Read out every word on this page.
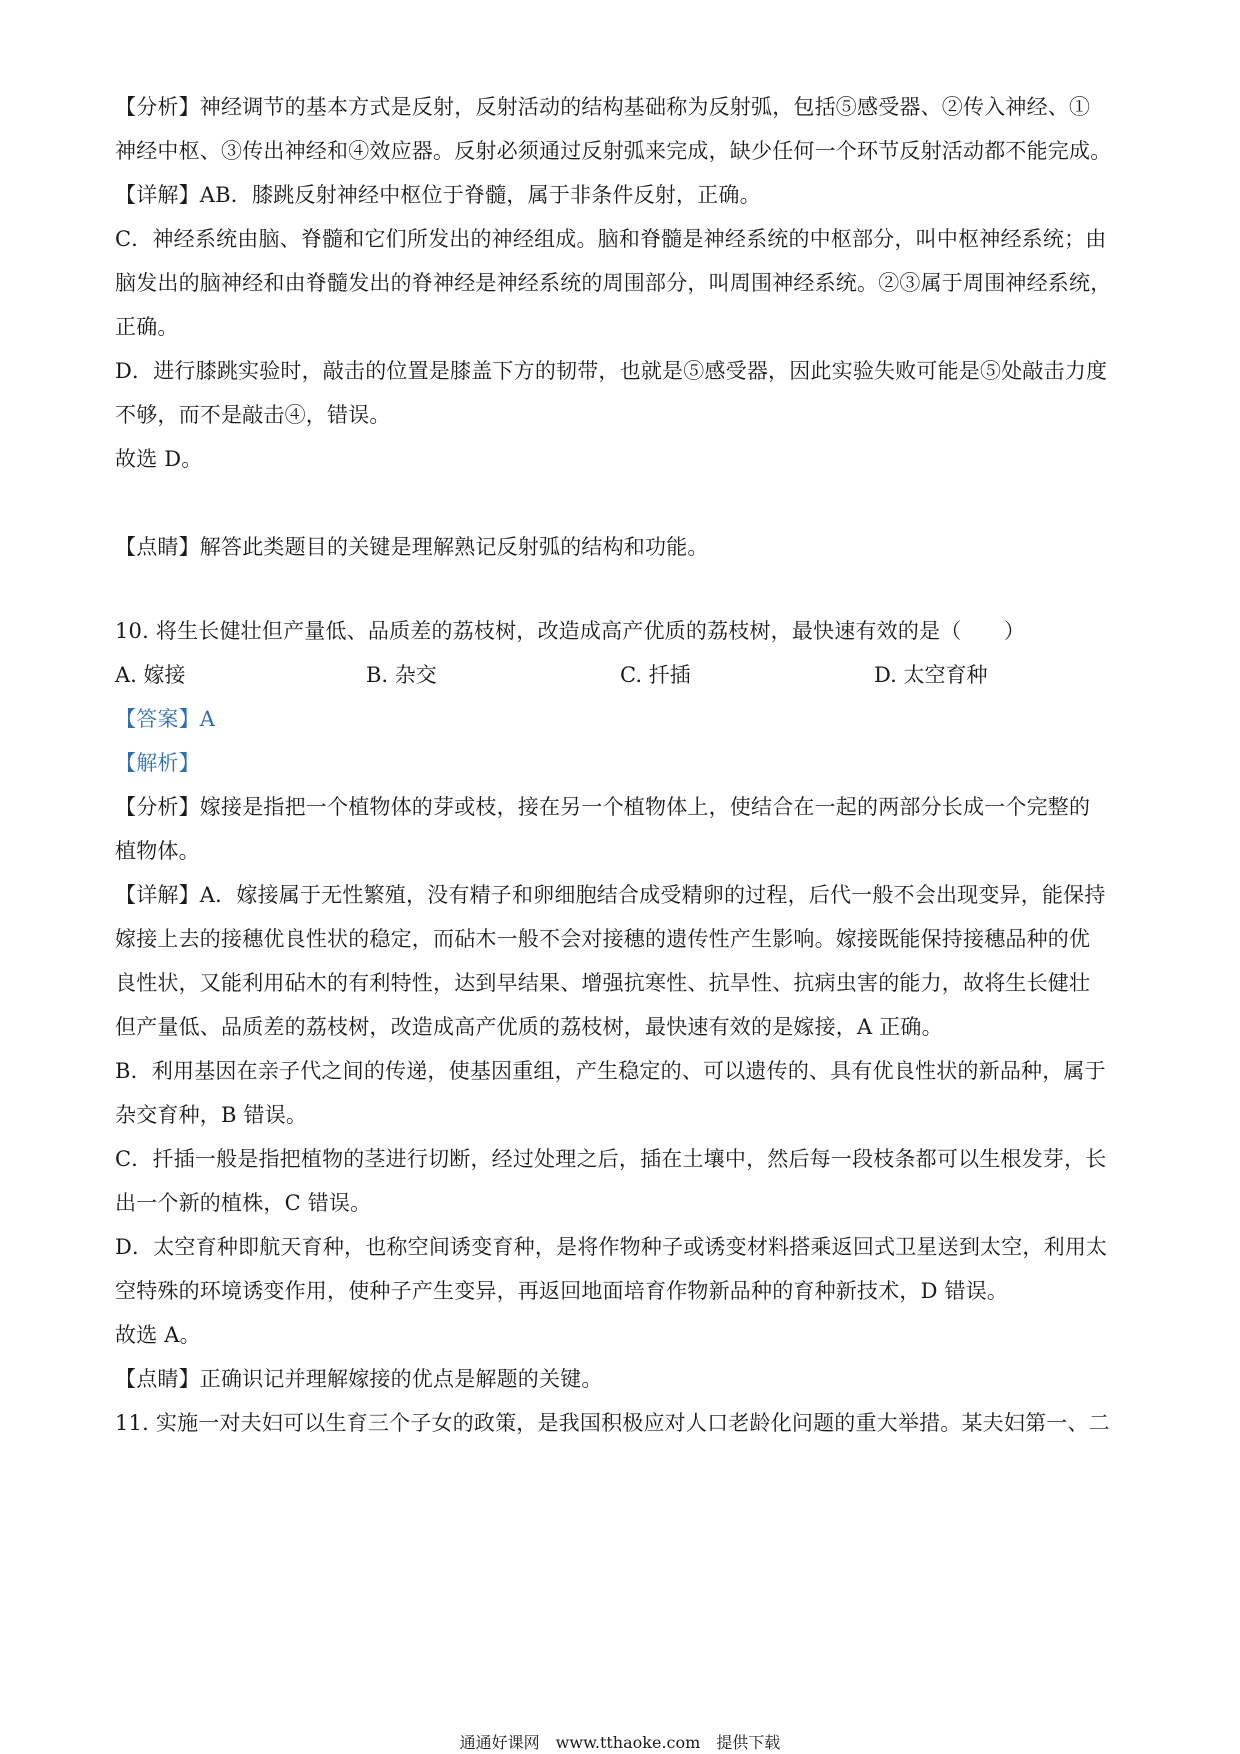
【分析】神经调节的基本方式是反射，反射活动的结构基础称为反射弧，包括⑤感受器、②传入神经、①
神经中枢、③传出神经和④效应器。反射必须通过反射弧来完成，缺少任何一个环节反射活动都不能完成。
【详解】AB．膝跳反射神经中枢位于脊髓，属于非条件反射，正确。
C．神经系统由脑、脊髓和它们所发出的神经组成。脑和脊髓是神经系统的中枢部分，叫中枢神经系统；由
脑发出的脑神经和由脊髓发出的脊神经是神经系统的周围部分，叫周围神经系统。②③属于周围神经系统，
正确。
D．进行膝跳实验时，敲击的位置是膝盖下方的韧带，也就是⑤感受器，因此实验失败可能是⑤处敲击力度
不够，而不是敲击④，错误。
故选 D。
【点睛】解答此类题目的关键是理解熟记反射弧的结构和功能。
10. 将生长健壮但产量低、品质差的荔枝树，改造成高产优质的荔枝树，最快速有效的是（　　）
A. 嫁接	B. 杂交	C. 扦插	D. 太空育种
【答案】A
【解析】
【分析】嫁接是指把一个植物体的芽或枝，接在另一个植物体上，使结合在一起的两部分长成一个完整的
植物体。
【详解】A．嫁接属于无性繁殖，没有精子和卵细胞结合成受精卵的过程，后代一般不会出现变异，能保持
嫁接上去的接穗优良性状的稳定，而砧木一般不会对接穗的遗传性产生影响。嫁接既能保持接穗品种的优
良性状，又能利用砧木的有利特性，达到早结果、增强抗寒性、抗旱性、抗病虫害的能力，故将生长健壮
但产量低、品质差的荔枝树，改造成高产优质的荔枝树，最快速有效的是嫁接，A 正确。
B．利用基因在亲子代之间的传递，使基因重组，产生稳定的、可以遗传的、具有优良性状的新品种，属于
杂交育种，B 错误。
C．扦插一般是指把植物的茎进行切断，经过处理之后，插在土壤中，然后每一段枝条都可以生根发芽，长
出一个新的植株，C 错误。
D．太空育种即航天育种，也称空间诱变育种，是将作物种子或诱变材料搭乘返回式卫星送到太空，利用太
空特殊的环境诱变作用，使种子产生变异，再返回地面培育作物新品种的育种新技术，D 错误。
故选 A。
【点睛】正确识记并理解嫁接的优点是解题的关键。
11. 实施一对夫妇可以生育三个子女的政策，是我国积极应对人口老龄化问题的重大举措。某夫妇第一、二
通通好课网　www.tthaoke.com　提供下载
